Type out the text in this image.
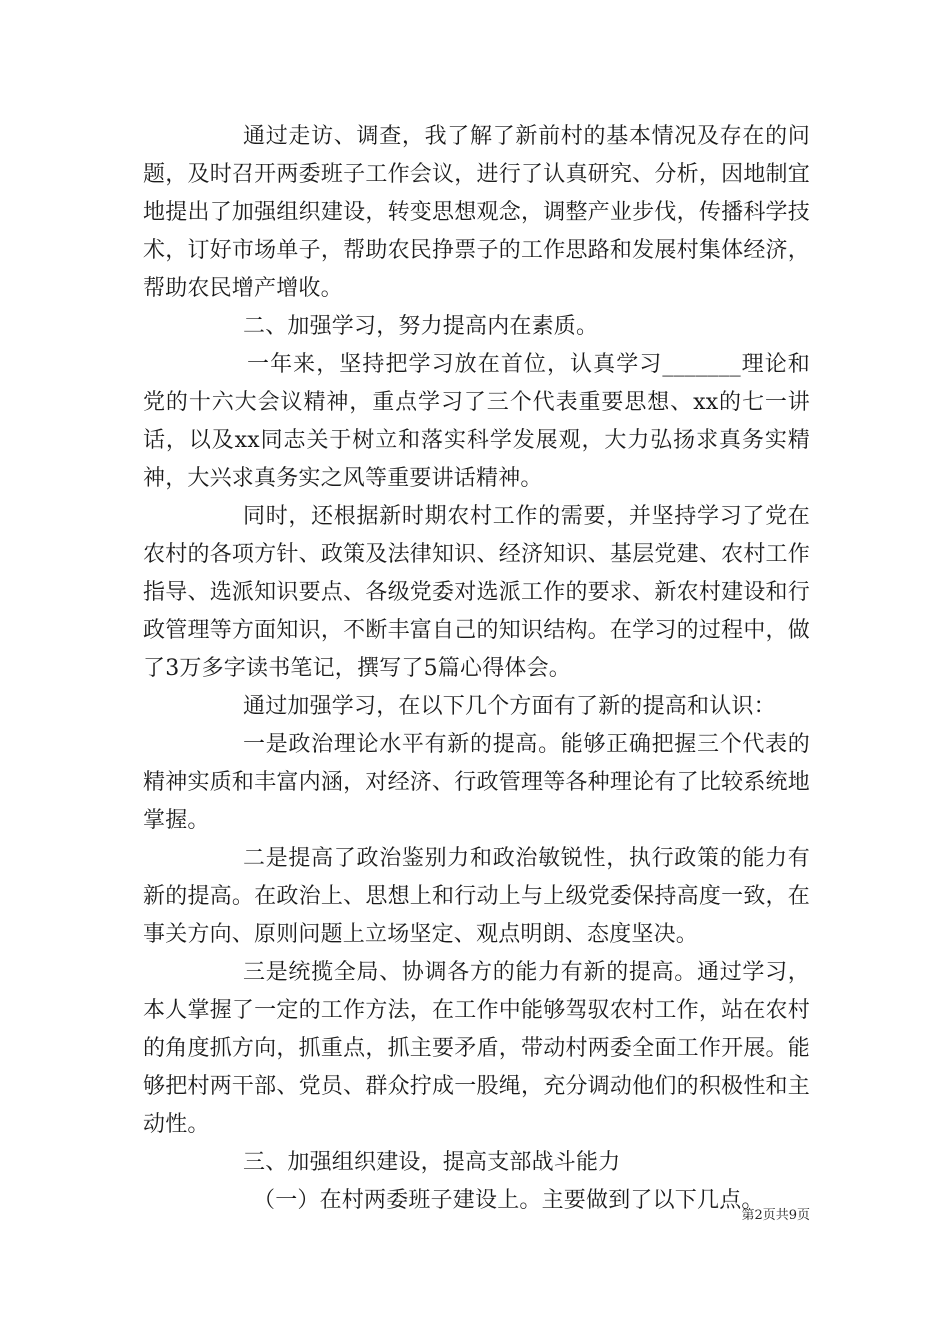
通过走访、调查，我了解了新前村的基本情况及存在的问题，及时召开两委班子工作会议，进行了认真研究、分析，因地制宜地提出了加强组织建设，转变思想观念，调整产业步伐，传播科学技术，订好市场单子，帮助农民挣票子的工作思路和发展村集体经济，帮助农民增产增收。

二、加强学习，努力提高内在素质。

一年来，坚持把学习放在首位，认真学习_______理论和党的十六大会议精神，重点学习了三个代表重要思想、xx的七一讲话，以及xx同志关于树立和落实科学发展观，大力弘扬求真务实精神，大兴求真务实之风等重要讲话精神。

同时，还根据新时期农村工作的需要，并坚持学习了党在农村的各项方针、政策及法律知识、经济知识、基层党建、农村工作指导、选派知识要点、各级党委对选派工作的要求、新农村建设和行政管理等方面知识，不断丰富自己的知识结构。在学习的过程中，做了3万多字读书笔记，撰写了5篇心得体会。

通过加强学习，在以下几个方面有了新的提高和认识：

一是政治理论水平有新的提高。能够正确把握三个代表的精神实质和丰富内涵，对经济、行政管理等各种理论有了比较系统地掌握。

二是提高了政治鉴别力和政治敏锐性，执行政策的能力有新的提高。在政治上、思想上和行动上与上级党委保持高度一致，在事关方向、原则问题上立场坚定、观点明朗、态度坚决。

三是统揽全局、协调各方的能力有新的提高。通过学习，本人掌握了一定的工作方法，在工作中能够驾驭农村工作，站在农村的角度抓方向，抓重点，抓主要矛盾，带动村两委全面工作开展。能够把村两干部、党员、群众拧成一股绳，充分调动他们的积极性和主动性。

三、加强组织建设，提高支部战斗能力

（一）在村两委班子建设上。主要做到了以下几点。

第2页共9页
